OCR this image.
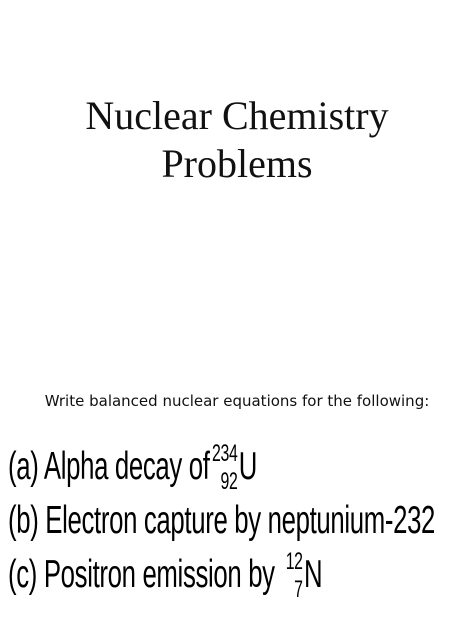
Nuclear Chemistry
Problems
Write balanced nuclear equations for the following:
(a) Alpha decay of
234
92 U
(b) Electron capture by neptunium-232
(c) Positron emission by 12
7 N
